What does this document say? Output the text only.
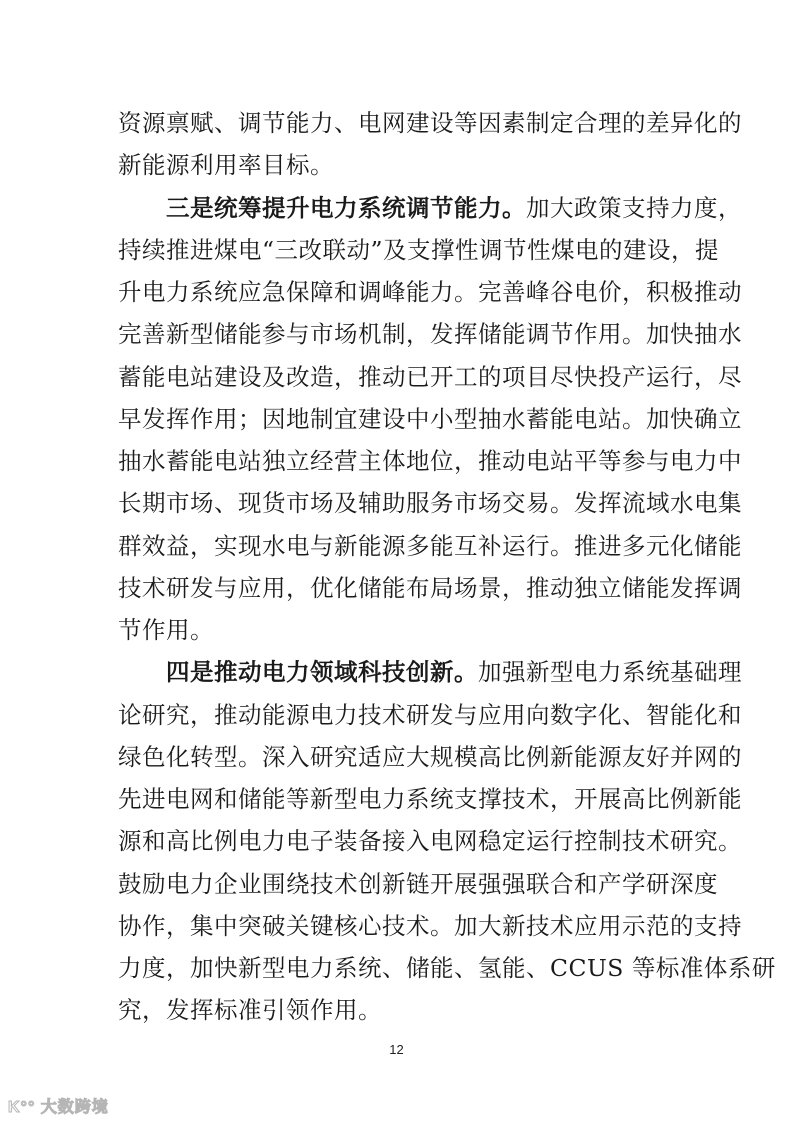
资源禀赋、调节能力、电网建设等因素制定合理的差异化的
新能源利用率目标。
三是统筹提升电力系统调节能力。加大政策支持力度，
持续推进煤电“三改联动”及支撑性调节性煤电的建设，提
升电力系统应急保障和调峰能力。完善峰谷电价，积极推动
完善新型储能参与市场机制，发挥储能调节作用。加快抽水
蓄能电站建设及改造，推动已开工的项目尽快投产运行，尽
早发挥作用；因地制宜建设中小型抽水蓄能电站。加快确立
抽水蓄能电站独立经营主体地位，推动电站平等参与电力中
长期市场、现货市场及辅助服务市场交易。发挥流域水电集
群效益，实现水电与新能源多能互补运行。推进多元化储能
技术研发与应用，优化储能布局场景，推动独立储能发挥调
节作用。
四是推动电力领域科技创新。加强新型电力系统基础理
论研究，推动能源电力技术研发与应用向数字化、智能化和
绿色化转型。深入研究适应大规模高比例新能源友好并网的
先进电网和储能等新型电力系统支撑技术，开展高比例新能
源和高比例电力电子装备接入电网稳定运行控制技术研究。
鼓励电力企业围绕技术创新链开展强强联合和产学研深度
协作，集中突破关键核心技术。加大新技术应用示范的支持
力度，加快新型电力系统、储能、氢能、CCUS 等标准体系研
究，发挥标准引领作用。
12
K°° 大数跨境
